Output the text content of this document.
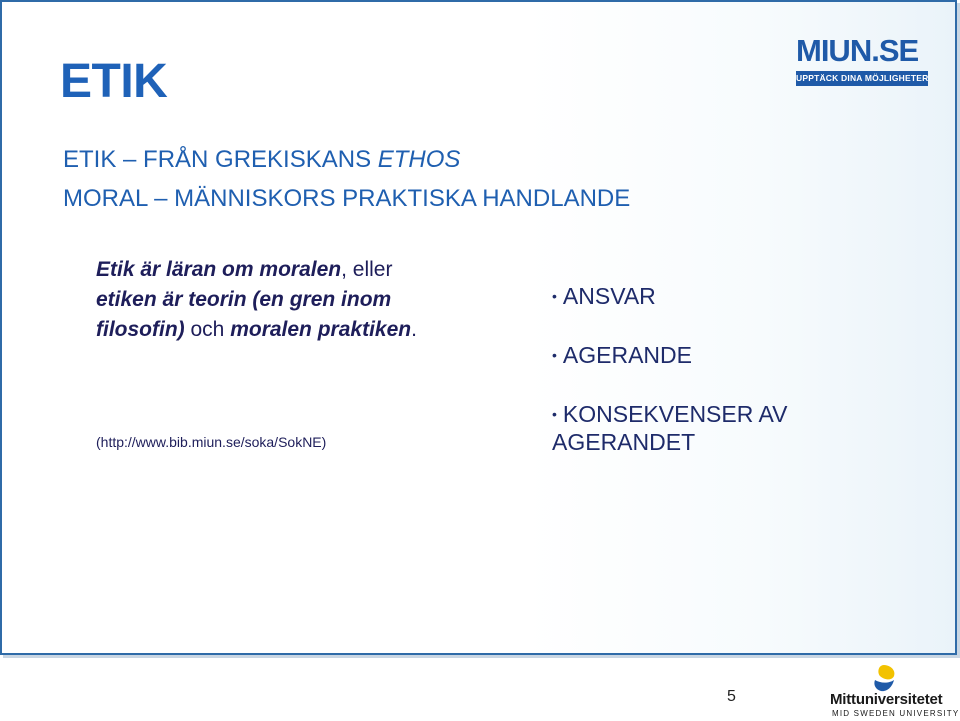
ETIK

ETIK – FRÅN GREKISKANS ETHOS

MORAL – MÄNNISKORS PRAKTISKA HANDLANDE

Etik är läran om moralen, eller etiken är teorin (en gren inom filosofin) och moralen praktiken.

(http://www.bib.miun.se/soka/SokNE)

• ANSVAR
• AGERANDE
• KONSEKVENSER AV AGERANDET
MIUN.SE
UPPTÄCK DINA MÖJLIGHETER
5	Mittuniversitetet
MID SWEDEN UNIVERSITY
